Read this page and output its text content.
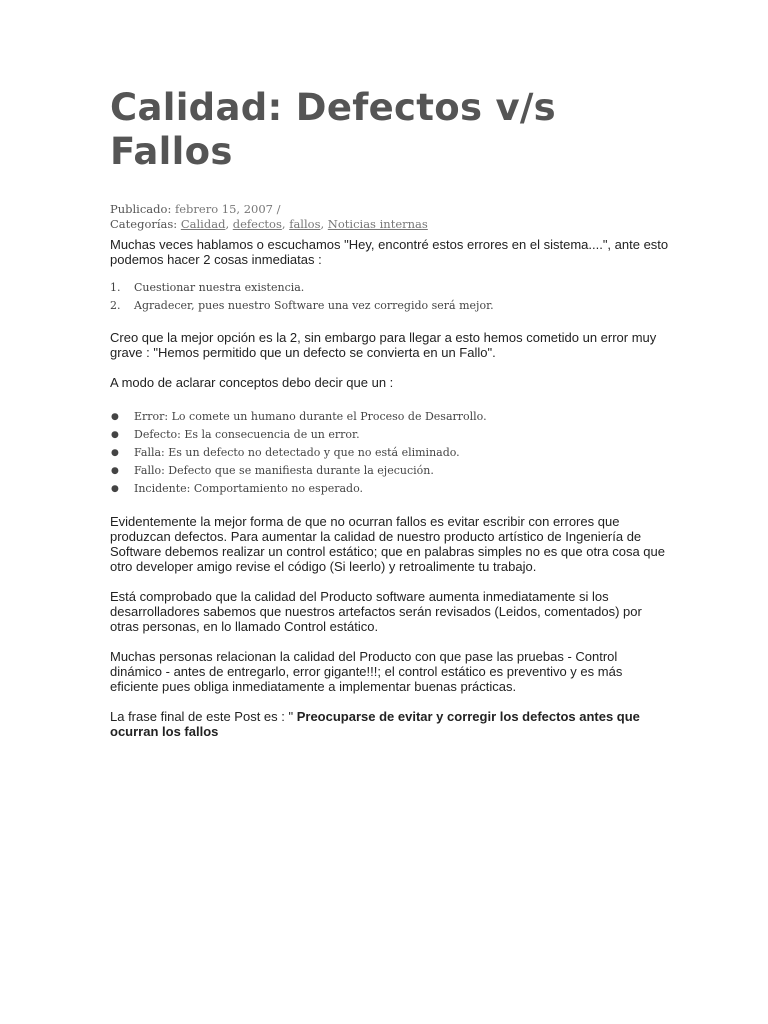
Calidad: Defectos v/s Fallos
Publicado: febrero 15, 2007 /
Categorías: Calidad, defectos, fallos, Noticias internas

Muchas veces hablamos o escuchamos "Hey, encontré estos errores en el sistema....", ante esto podemos hacer 2 cosas inmediatas :

1. Cuestionar nuestra existencia.
2. Agradecer, pues nuestro Software una vez corregido será mejor.

Creo que la mejor opción es la 2, sin embargo para llegar a esto hemos cometido un error muy grave : "Hemos permitido que un defecto se convierta en un Fallo".

A modo de aclarar conceptos debo decir que un :

● Error: Lo comete un humano durante el Proceso de Desarrollo.
● Defecto: Es la consecuencia de un error.
● Falla: Es un defecto no detectado y que no está eliminado.
● Fallo: Defecto que se manifiesta durante la ejecución.
● Incidente: Comportamiento no esperado.

Evidentemente la mejor forma de que no ocurran fallos es evitar escribir con errores que produzcan defectos. Para aumentar la calidad de nuestro producto artístico de Ingeniería de Software debemos realizar un control estático; que en palabras simples no es que otra cosa que otro developer amigo revise el código (Si leerlo) y retroalimente tu trabajo.

Está comprobado que la calidad del Producto software aumenta inmediatamente si los desarrolladores sabemos que nuestros artefactos serán revisados (Leidos, comentados) por otras personas, en lo llamado Control estático.

Muchas personas relacionan la calidad del Producto con que pase las pruebas - Control dinámico - antes de entregarlo, error gigante!!!; el control estático es preventivo y es más eficiente pues obliga inmediatamente a implementar buenas prácticas.

La frase final de este Post es : " Preocuparse de evitar y corregir los defectos antes que ocurran los fallos
